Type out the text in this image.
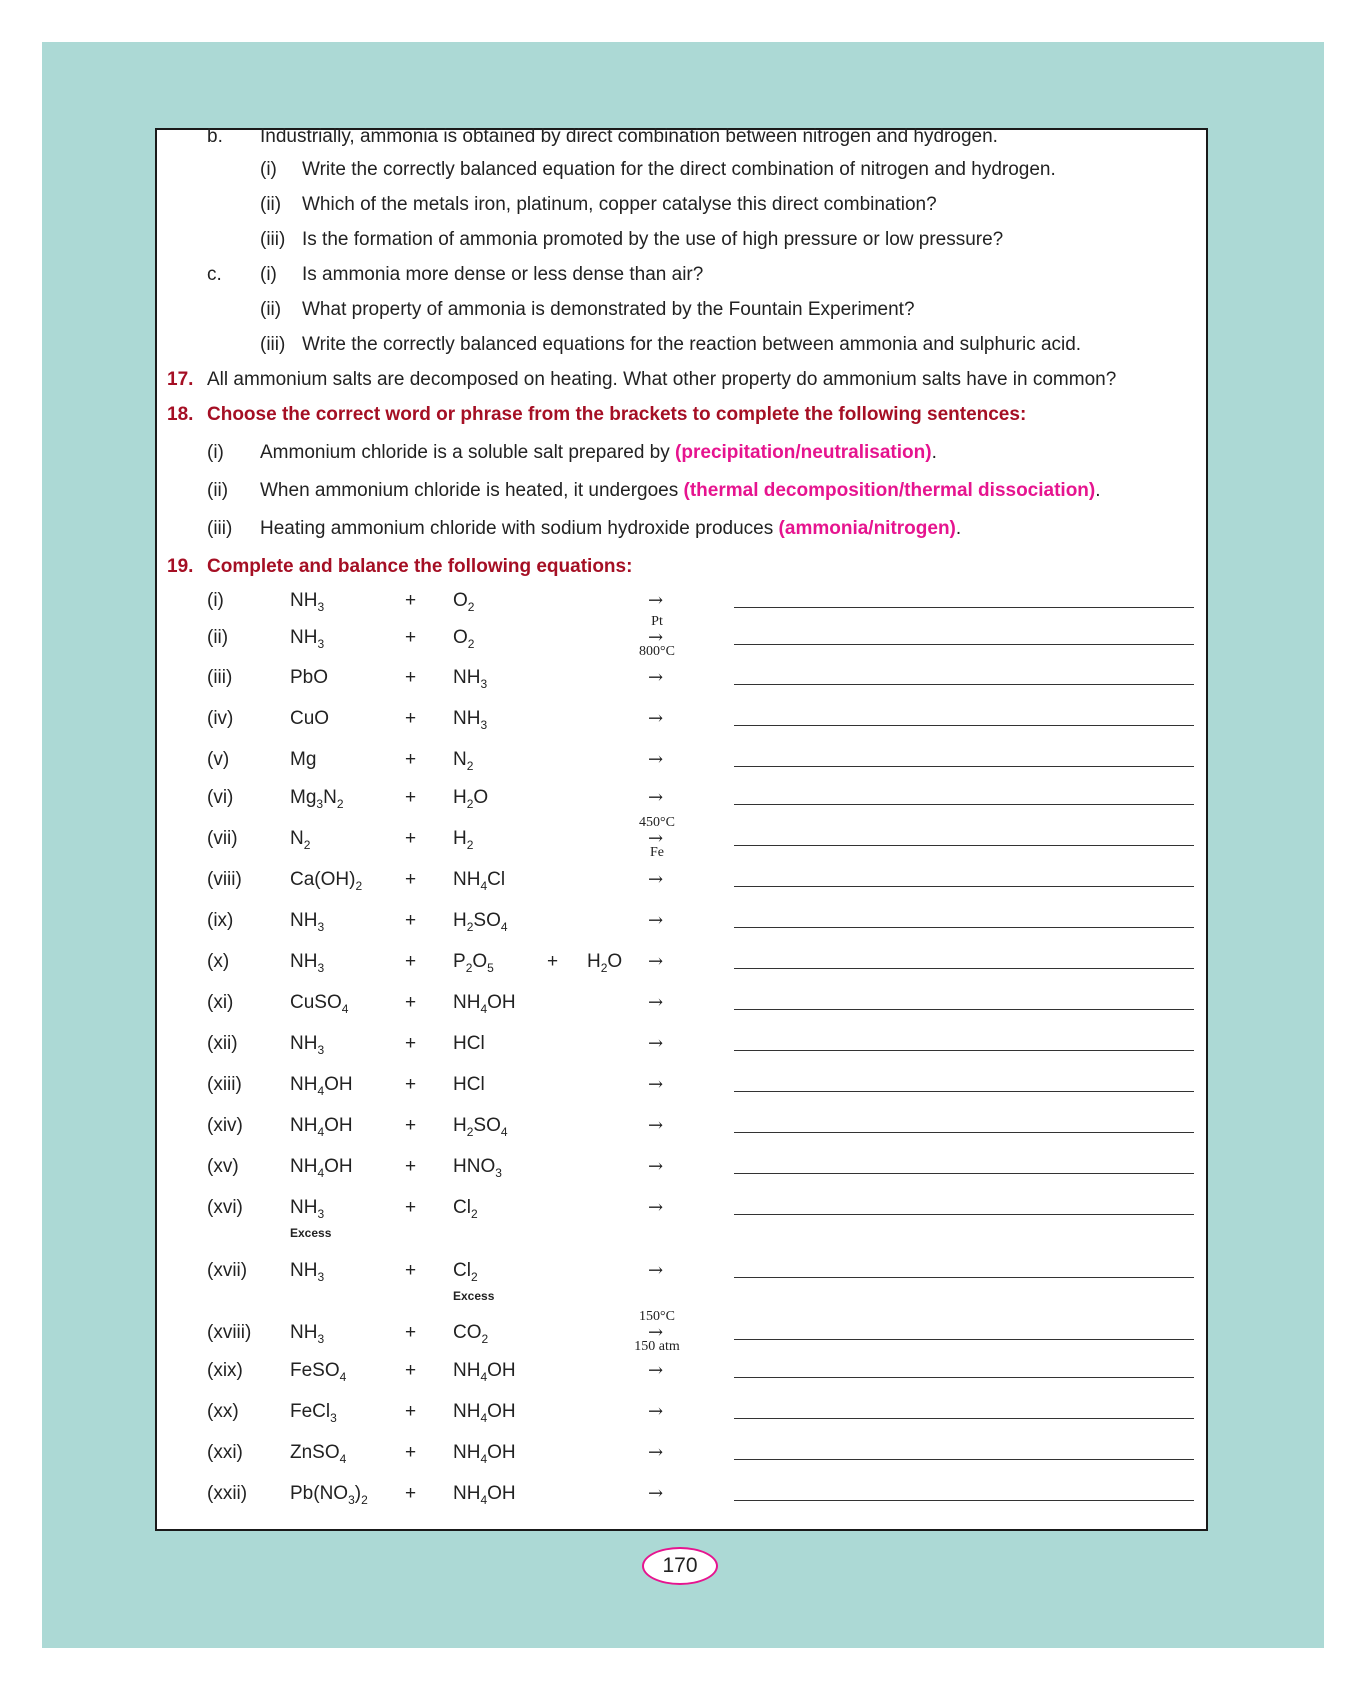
b. Industrially, ammonia is obtained by direct combination between nitrogen and hydrogen.
(i) Write the correctly balanced equation for the direct combination of nitrogen and hydrogen.
(ii) Which of the metals iron, platinum, copper catalyse this direct combination?
(iii) Is the formation of ammonia promoted by the use of high pressure or low pressure?
c. (i) Is ammonia more dense or less dense than air?
(ii) What property of ammonia is demonstrated by the Fountain Experiment?
(iii) Write the correctly balanced equations for the reaction between ammonia and sulphuric acid.
17. All ammonium salts are decomposed on heating. What other property do ammonium salts have in common?
18. Choose the correct word or phrase from the brackets to complete the following sentences:
(i) Ammonium chloride is a soluble salt prepared by (precipitation/neutralisation).
(ii) When ammonium chloride is heated, it undergoes (thermal decomposition/thermal dissociation).
(iii) Heating ammonium chloride with sodium hydroxide produces (ammonia/nitrogen).
19. Complete and balance the following equations:
(i)	$NH_3$	+ $O_2$	→
(ii)	$NH_3$	+ $O_2$	→
Pt
800°C
(iii)	PbO	+ $NH_3$	→
(iv)	CuO	+ $NH_3$	→
(v)	Mg	+ $N_2$	→
(vi)	$Mg_3N_2$	+ $H_2O$	→
(vii)	$N_2$	+ $H_2$	→
450°C
Fe
(viii)	$Ca(OH)_2 + NH_4Cl$	→
(ix)	$NH_3$	+ $H_2SO_4$	→
(x)	$NH_3$	+ $P_2O_5$	+ $H_2O$ →
(xi)	CuSO$_4$	+ $NH_4OH$	→
(xii)	$NH_3$	+ HCl	→
(xiii)	$NH_4OH$	+ HCl	→
(xiv) $NH_4OH$	+ $H_2SO_4$	→
(xv)	$NH_4OH$	+ $HNO_3$	→
(xvi) $NH_3$	+ $Cl_2$	→
Excess
(xvii) $NH_3$	+ $Cl_2$	→
Excess
(xviii) $NH_3$	+ $CO_2$	→
150°C
150 atm
(xix) FeSO$_4$	+ $NH_4OH$	→
(xx)	FeCl$_3$	+ $NH_4OH$	→
(xxi) ZnSO$_4$	+ $NH_4OH$	→
(xxii) $Pb(NO_3)_2 + NH_4OH$	→
170
